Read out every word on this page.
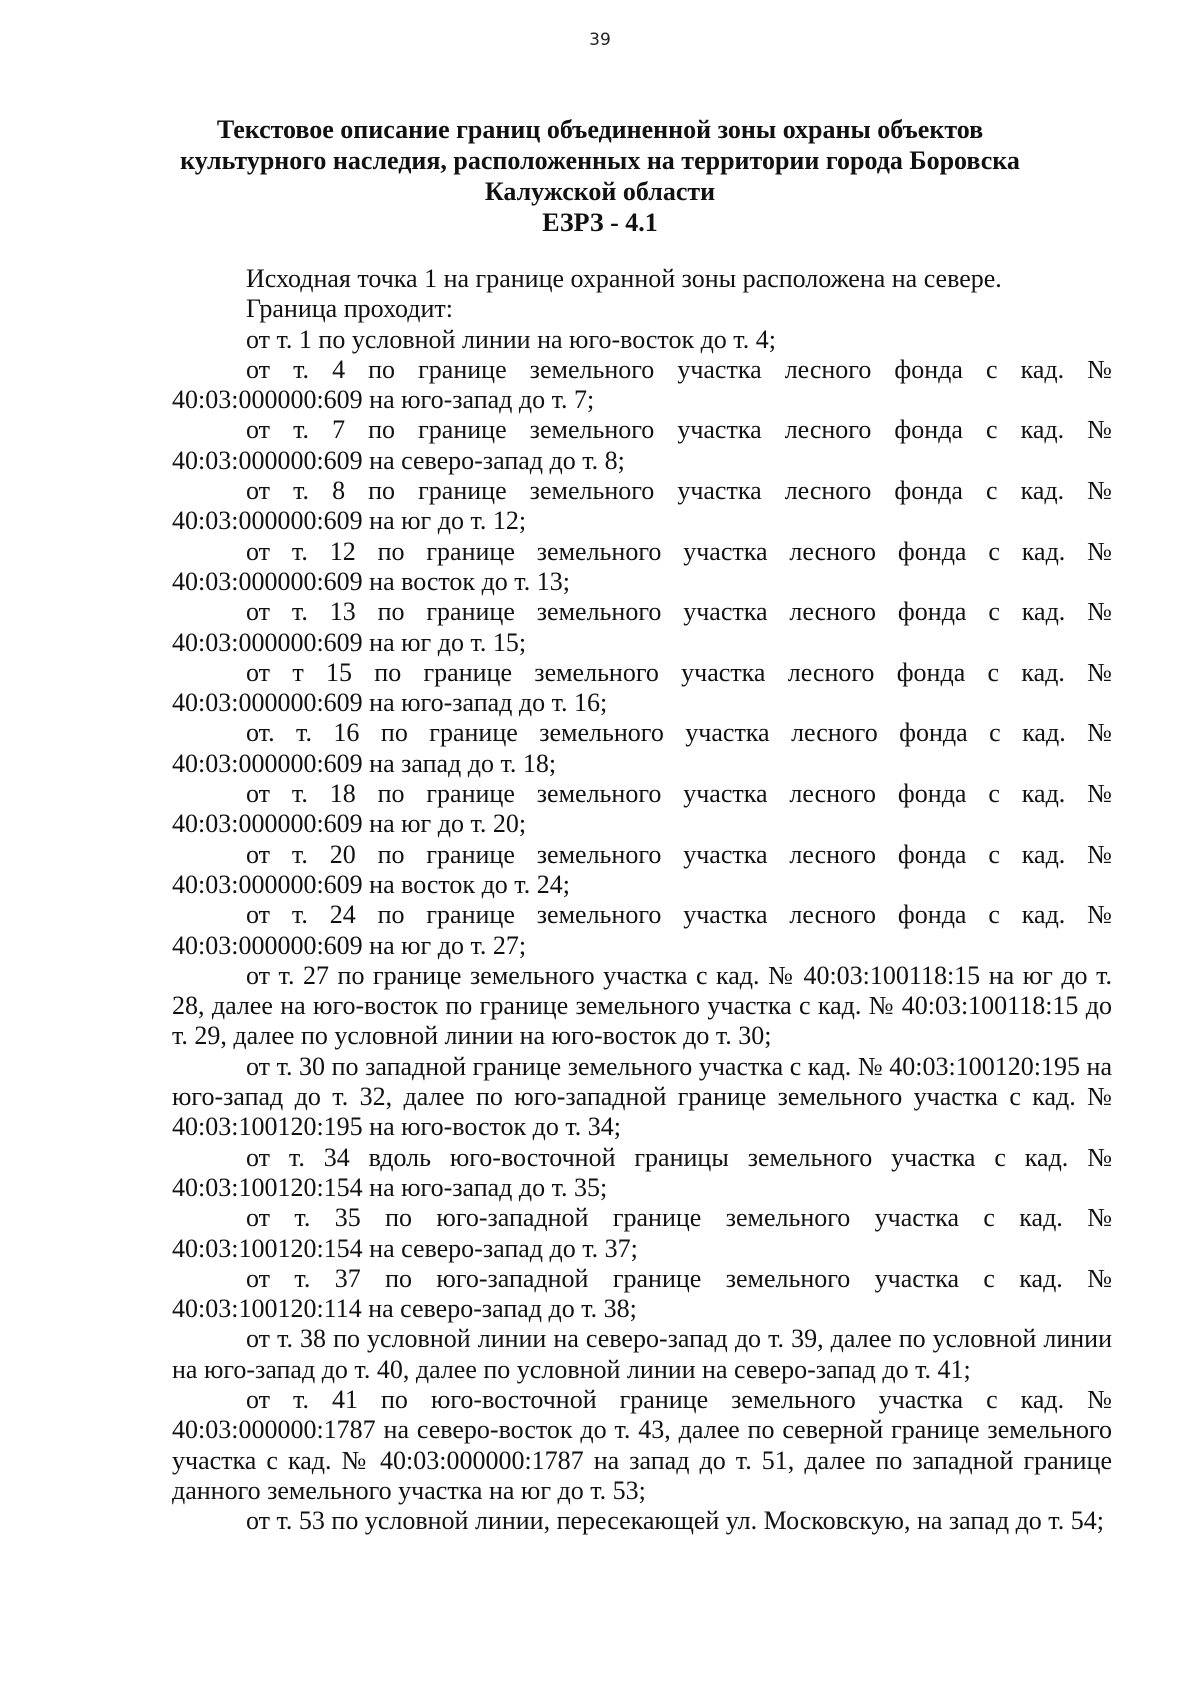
39
Текстовое описание границ объединенной зоны охраны объектов
культурного наследия, расположенных на территории города Боровска
Калужской области
ЕЗРЗ - 4.1

Исходная точка 1 на границе охранной зоны расположена на севере.

Граница проходит:

от т. 1 по условной линии на юго-восток до т. 4;

от т. 4 по границе земельного участка лесного фонда с кад. № 40:03:000000:609 на юго-запад до т. 7;

от т. 7 по границе земельного участка лесного фонда с кад. № 40:03:000000:609 на северо-запад до т. 8;

от т. 8 по границе земельного участка лесного фонда с кад. № 40:03:000000:609 на юг до т. 12;

от т. 12 по границе земельного участка лесного фонда с кад. № 40:03:000000:609 на восток до т. 13;

от т. 13 по границе земельного участка лесного фонда с кад. № 40:03:000000:609 на юг до т. 15;

от т 15 по границе земельного участка лесного фонда с кад. № 40:03:000000:609 на юго-запад до т. 16;

от. т. 16 по границе земельного участка лесного фонда с кад. № 40:03:000000:609 на запад до т. 18;

от т. 18 по границе земельного участка лесного фонда с кад. № 40:03:000000:609 на юг до т. 20;

от т. 20 по границе земельного участка лесного фонда с кад. № 40:03:000000:609 на восток до т. 24;

от т. 24 по границе земельного участка лесного фонда с кад. № 40:03:000000:609 на юг до т. 27;

от т. 27 по границе земельного участка с кад. № 40:03:100118:15 на юг до т. 28, далее на юго-восток по границе земельного участка с кад. № 40:03:100118:15 до т. 29, далее по условной линии на юго-восток до т. 30;

от т. 30 по западной границе земельного участка с кад. № 40:03:100120:195 на юго-запад до т. 32, далее по юго-западной границе земельного участка с кад. № 40:03:100120:195 на юго-восток до т. 34;

от т. 34 вдоль юго-восточной границы земельного участка с кад. № 40:03:100120:154 на юго-запад до т. 35;

от т. 35 по юго-западной границе земельного участка с кад. № 40:03:100120:154 на северо-запад до т. 37;

от т. 37 по юго-западной границе земельного участка с кад. № 40:03:100120:114 на северо-запад до т. 38;

от т. 38 по условной линии на северо-запад до т. 39, далее по условной линии на юго-запад до т. 40, далее по условной линии на северо-запад до т. 41;

от т. 41 по юго-восточной границе земельного участка с кад. № 40:03:000000:1787 на северо-восток до т. 43, далее по северной границе земельного участка с кад. № 40:03:000000:1787 на запад до т. 51, далее по западной границе данного земельного участка на юг до т. 53;

от т. 53 по условной линии, пересекающей ул. Московскую, на запад до т. 54;
